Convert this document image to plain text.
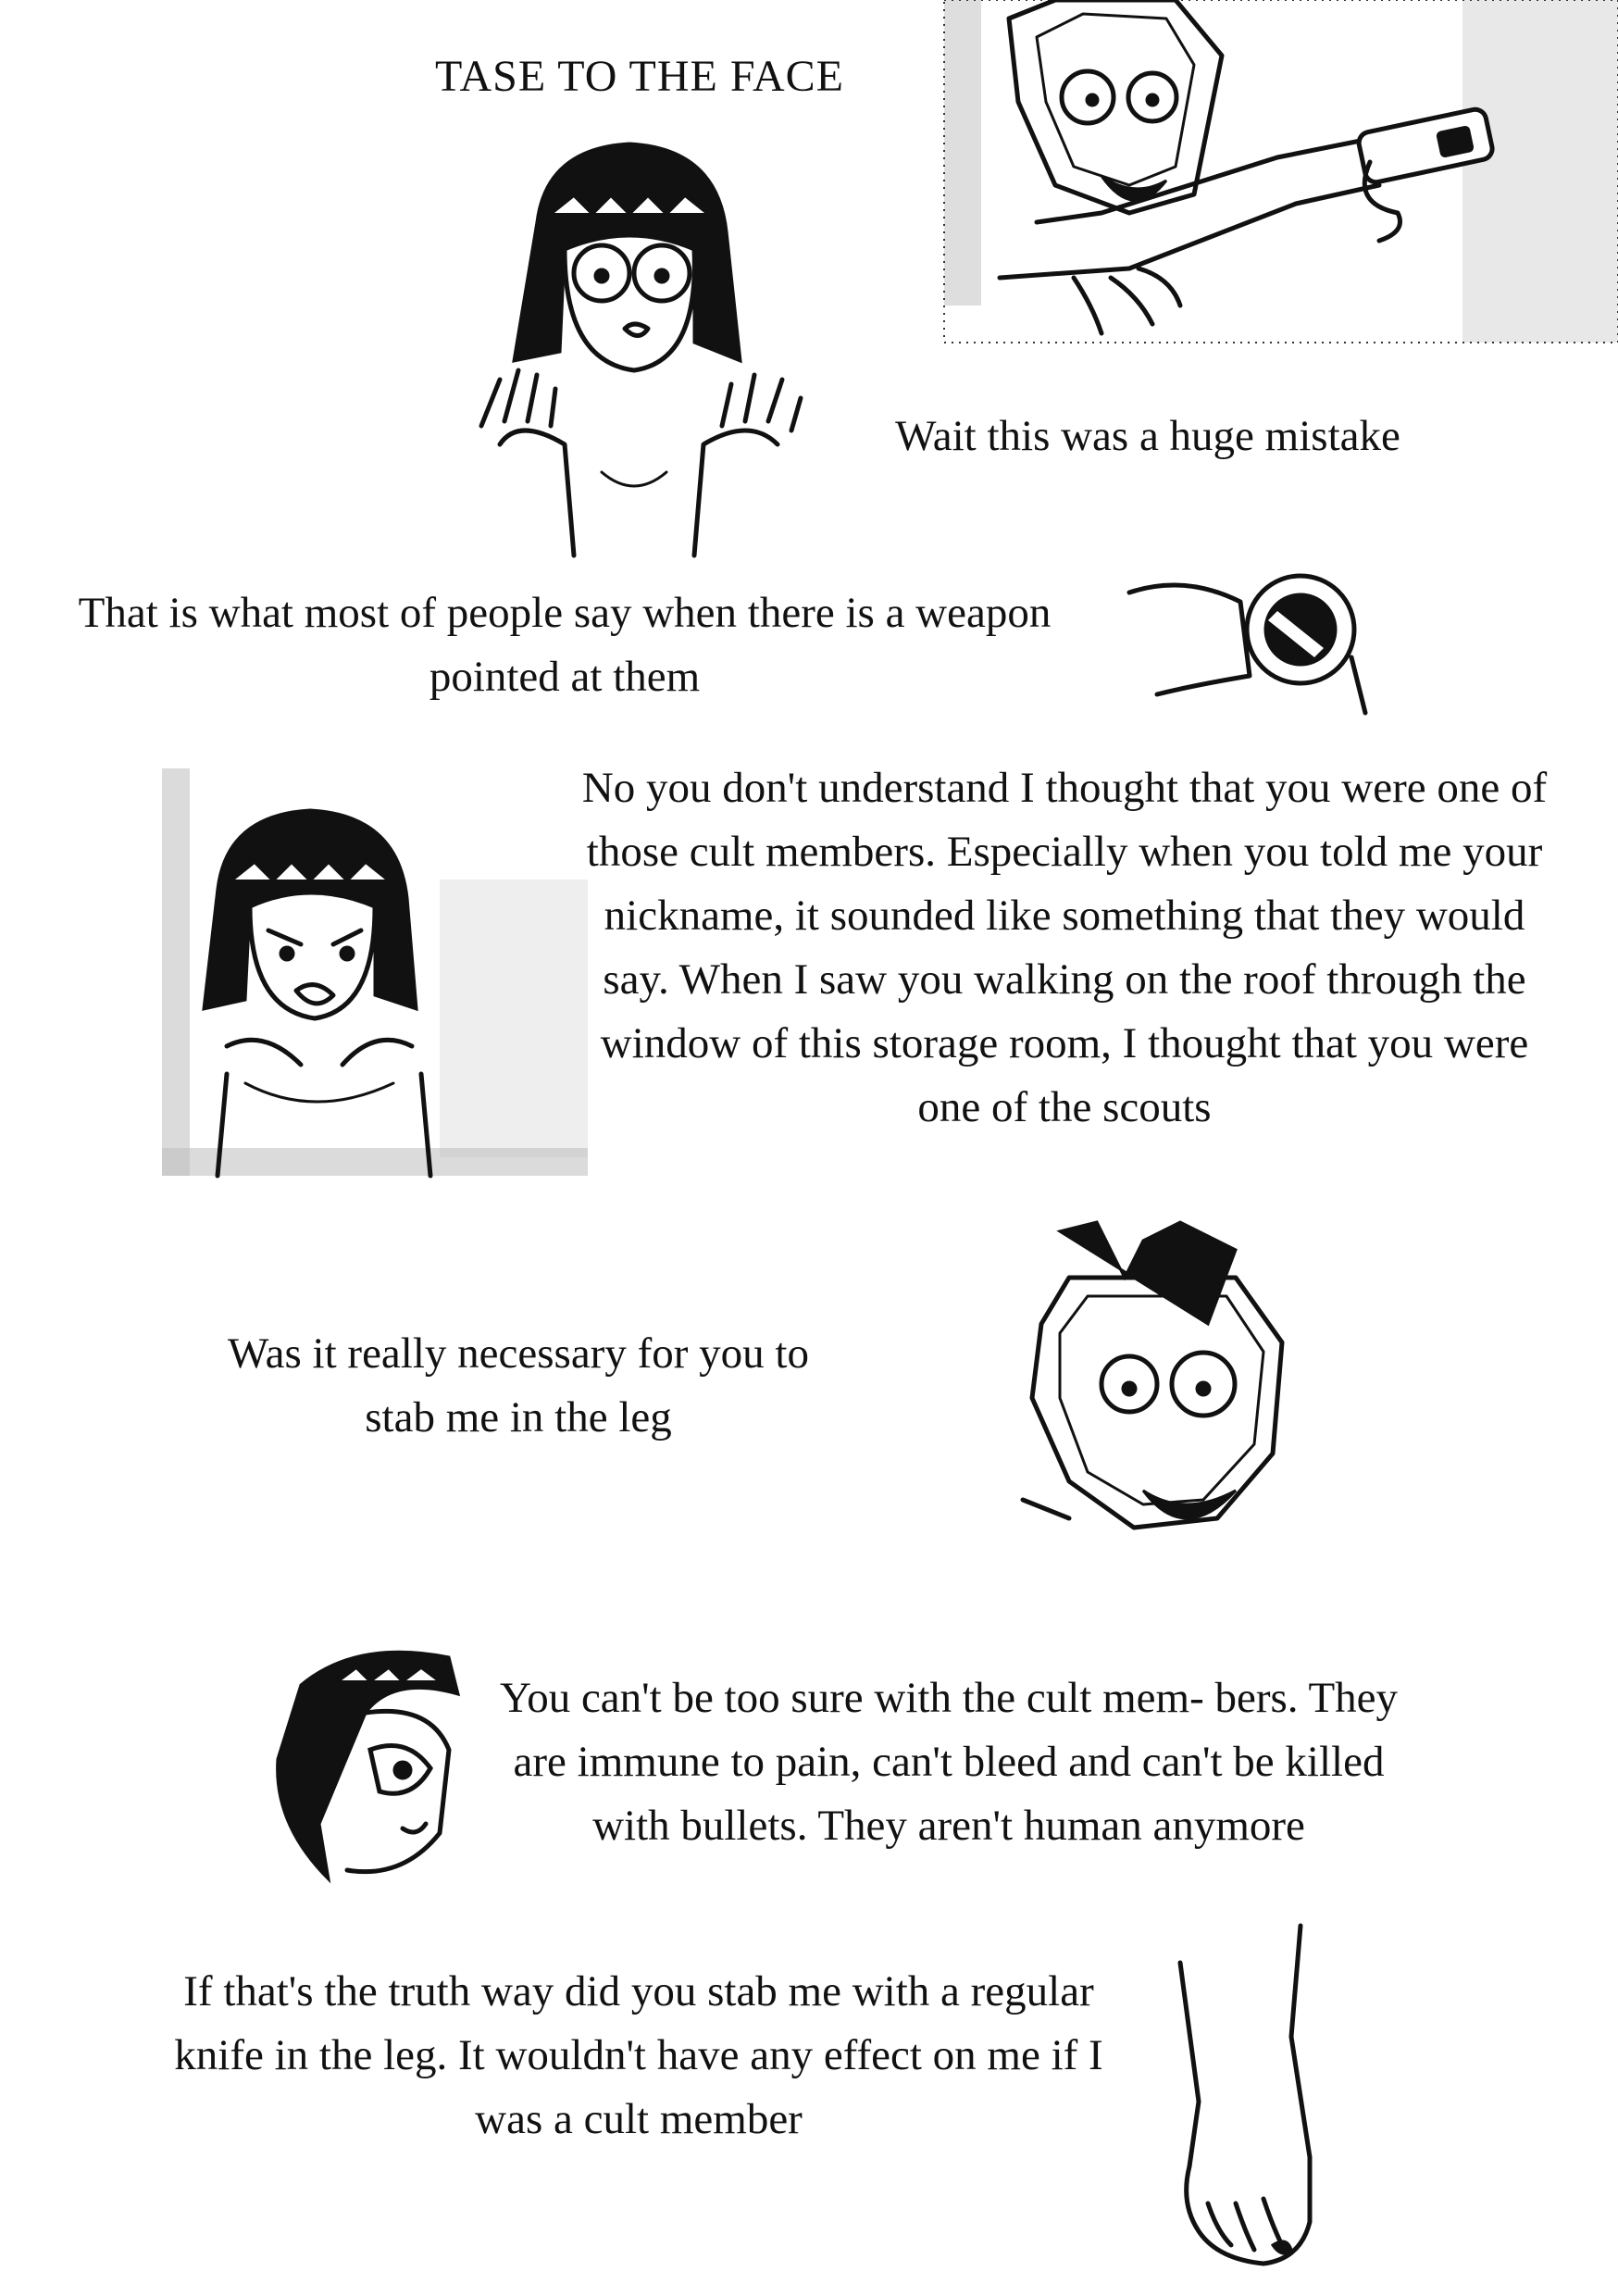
TASE TO THE FACE
Wait this was a huge mistake
That is what most of people say when there is a weapon pointed at them
No you don't understand I thought that you were one of those cult members. Especially when you told me your nickname, it sounded like something that they would say. When I saw you walking on the roof through the window of this storage room, I thought that you were one of the scouts
Was it really necessary for you to stab me in the leg
You can't be too sure with the cult mem- bers. They are immune to pain, can't bleed and can't be killed with bullets. They aren't human anymore
If that's the truth way did you stab me with a regular knife in the leg. It wouldn't have any effect on me if I was a cult member
